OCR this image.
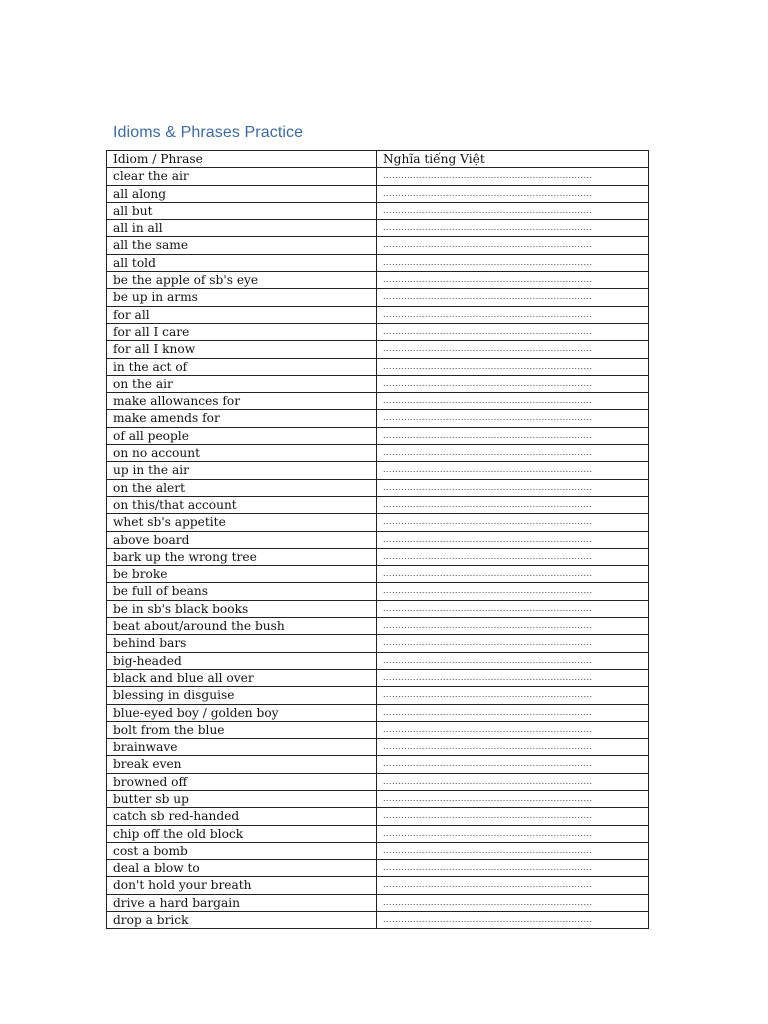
Idioms & Phrases Practice
Idiom / Phrase	Nghĩa tiếng Việt
clear the air	......................................................................
all along	......................................................................
all but	......................................................................
all in all	......................................................................
all the same	......................................................................
all told	......................................................................
be the apple of sb's eye	......................................................................
be up in arms	......................................................................
for all	......................................................................
for all I care	......................................................................
for all I know	......................................................................
in the act of	......................................................................
on the air	......................................................................
make allowances for	......................................................................
make amends for	......................................................................
of all people	......................................................................
on no account	......................................................................
up in the air	......................................................................
on the alert	......................................................................
on this/that account	......................................................................
whet sb's appetite	......................................................................
above board	......................................................................
bark up the wrong tree	......................................................................
be broke	......................................................................
be full of beans	......................................................................
be in sb's black books	......................................................................
beat about/around the bush	......................................................................
behind bars	......................................................................
big-headed	......................................................................
black and blue all over	......................................................................
blessing in disguise	......................................................................
blue-eyed boy / golden boy	......................................................................
bolt from the blue	......................................................................
brainwave	......................................................................
break even	......................................................................
browned off	......................................................................
butter sb up	......................................................................
catch sb red-handed	......................................................................
chip off the old block	......................................................................
cost a bomb	......................................................................
deal a blow to	......................................................................
don't hold your breath	......................................................................
drive a hard bargain	......................................................................
drop a brick	......................................................................
